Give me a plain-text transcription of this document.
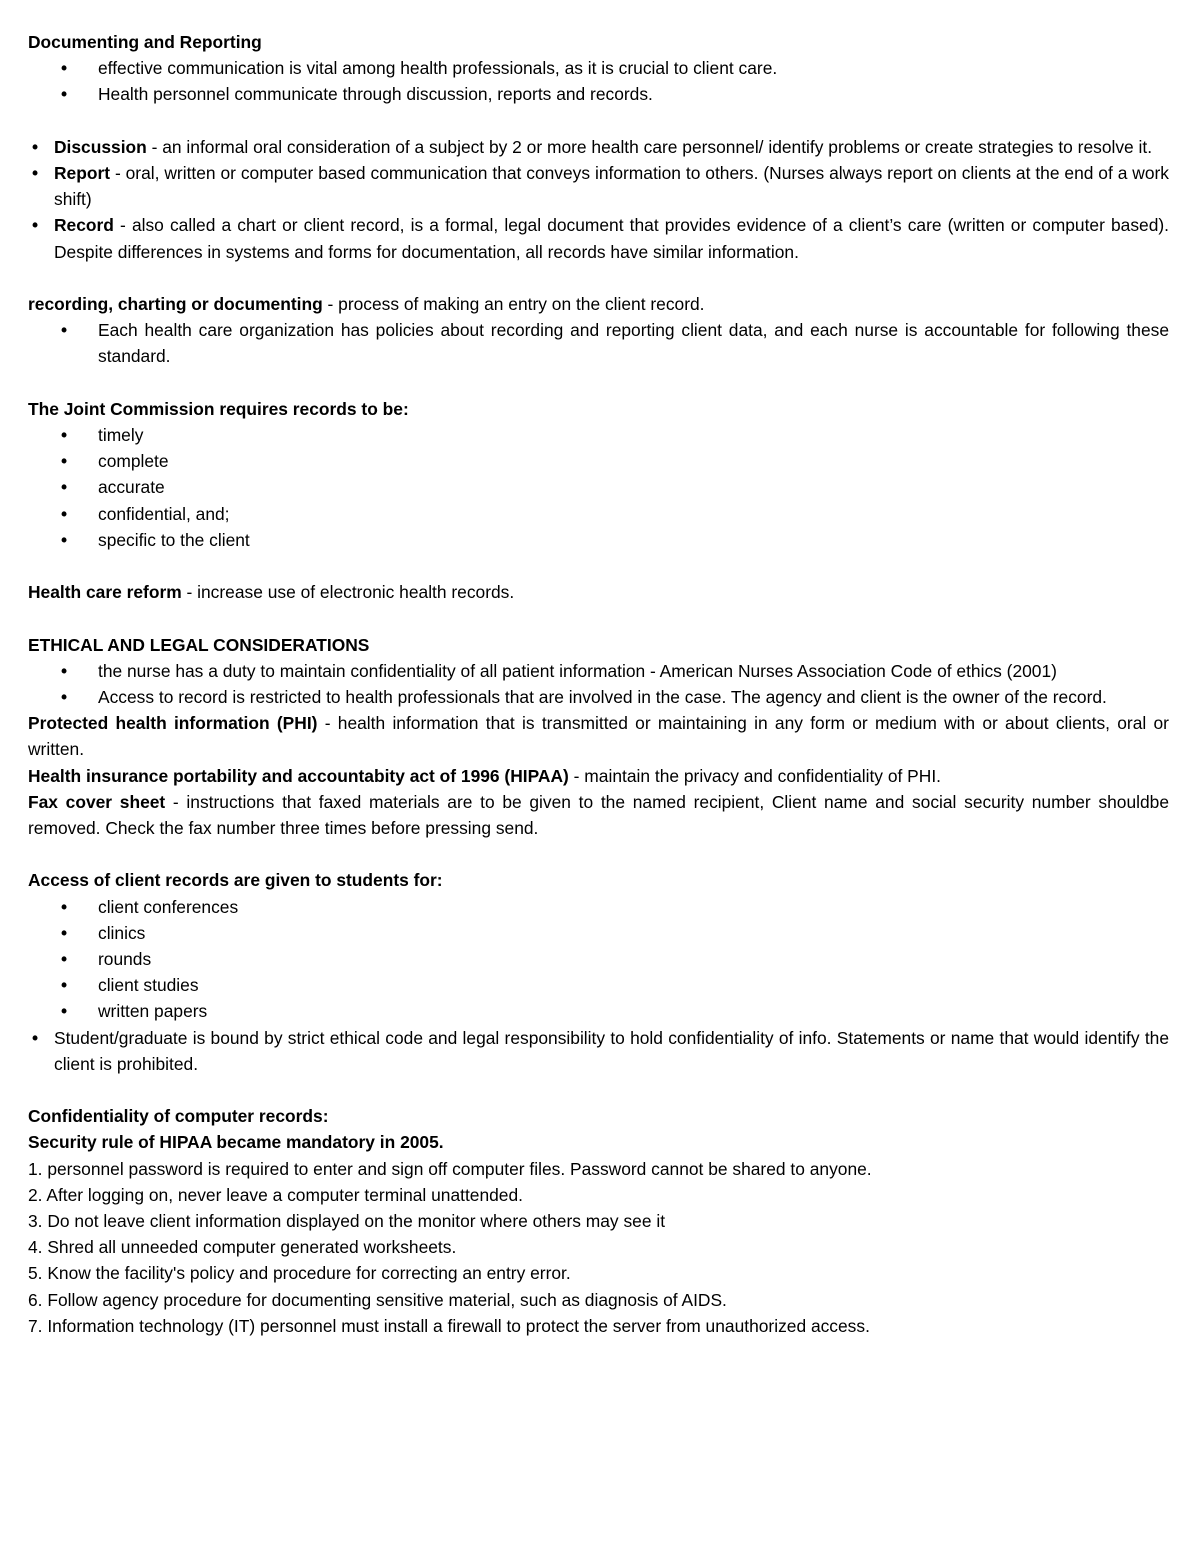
Documenting and Reporting

• effective communication is vital among health professionals, as it is crucial to client care.
• Health personnel communicate through discussion, reports and records.
• Discussion - an informal oral consideration of a subject by 2 or more health care personnel/ identify problems or create strategies to resolve it.
• Report - oral, written or computer based communication that conveys information to others. (Nurses always report on clients at the end of a work shift)
• Record - also called a chart or client record, is a formal, legal document that provides evidence of a client’s care (written or computer based). Despite differences in systems and forms for documentation, all records have similar information.

recording, charting or documenting - process of making an entry on the client record.

• Each health care organization has policies about recording and reporting client data, and each nurse is accountable for following these standard.

The Joint Commission requires records to be:

• timely
• complete
• accurate
• confidential, and;
• specific to the client

Health care reform - increase use of electronic health records.

ETHICAL AND LEGAL CONSIDERATIONS

• the nurse has a duty to maintain confidentiality of all patient information - American Nurses Association Code of ethics (2001)
• Access to record is restricted to health professionals that are involved in the case. The agency and client is the owner of the record.

Protected health information (PHI) - health information that is transmitted or maintaining in any form or medium with or about clients, oral or written.

Health insurance portability and accountabity act of 1996 (HIPAA) - maintain the privacy and confidentiality of PHI.

Fax cover sheet - instructions that faxed materials are to be given to the named recipient, Client name and social security number shouldbe removed. Check the fax number three times before pressing send.

Access of client records are given to students for:

• client conferences
• clinics
• rounds
• client studies
• written papers
• Student/graduate is bound by strict ethical code and legal responsibility to hold confidentiality of info. Statements or name that would identify the client is prohibited.

Confidentiality of computer records:

Security rule of HIPAA became mandatory in 2005.

1. personnel password is required to enter and sign off computer files. Password cannot be shared to anyone.
2. After logging on, never leave a computer terminal unattended.
3. Do not leave client information displayed on the monitor where others may see it
4. Shred all unneeded computer generated worksheets.
5. Know the facility's policy and procedure for correcting an entry error.
6. Follow agency procedure for documenting sensitive material, such as diagnosis of AIDS.
7. Information technology (IT) personnel must install a firewall to protect the server from unauthorized access.
